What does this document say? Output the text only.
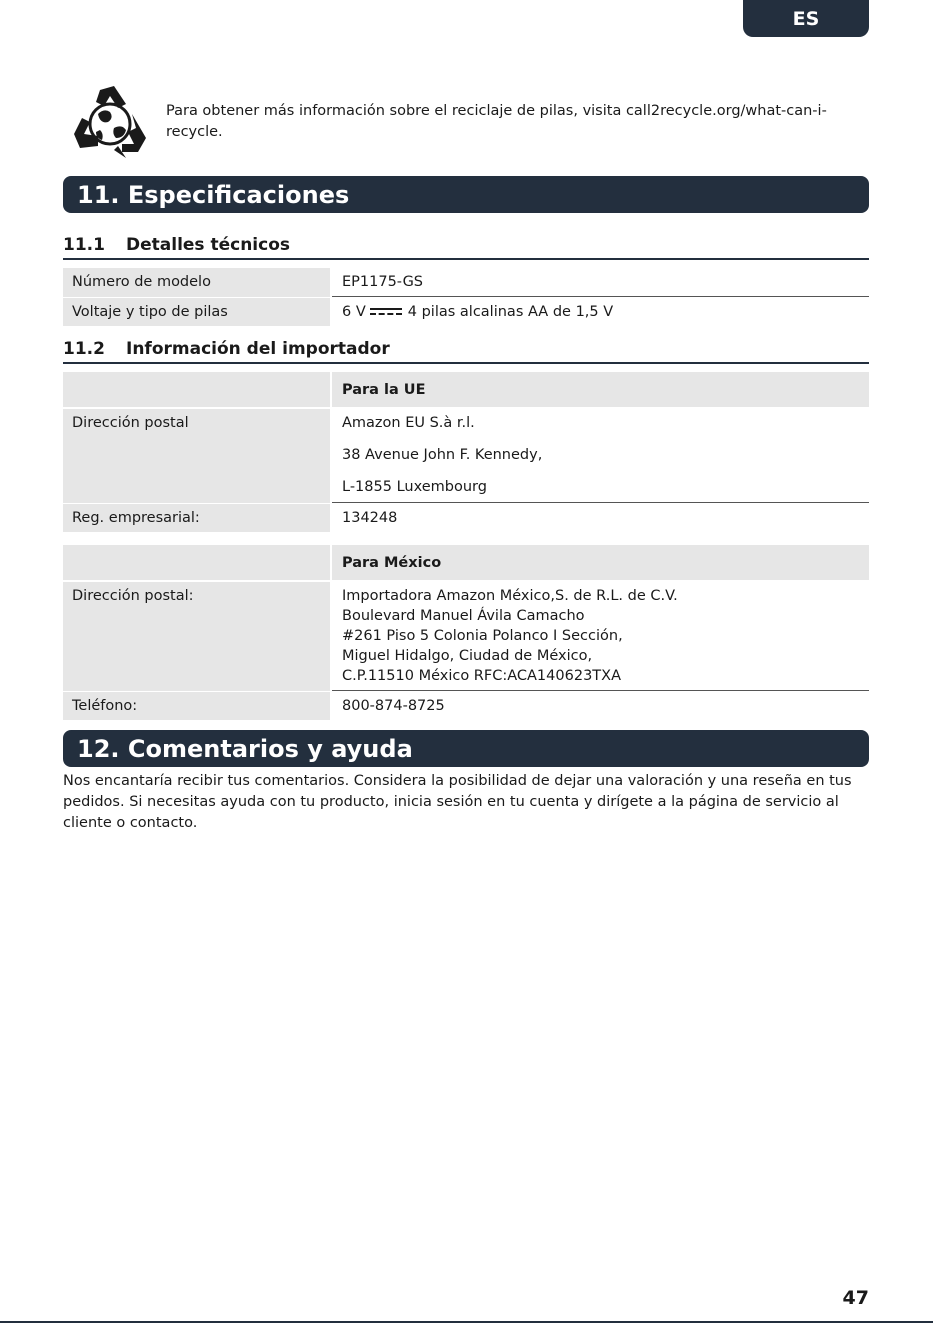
ES
Para obtener más información sobre el reciclaje de pilas, visita call2recycle.org/what-can-i-recycle.
11. Especificaciones
11.1 Detalles técnicos
Número de modelo	EP1175-GS
Voltaje y tipo de pilas	6 V	4 pilas alcalinas AA de 1,5 V
11.2 Información del importador
Para la UE
Dirección postal	Amazon EU S.à r.l.
38 Avenue John F. Kennedy,
L-1855 Luxembourg
Reg. empresarial:	134248
Para México
Dirección postal:	Importadora Amazon México,S. de R.L. de C.V.
Boulevard Manuel Ávila Camacho
#261 Piso 5 Colonia Polanco I Sección,
Miguel Hidalgo, Ciudad de México,
C.P.11510 México RFC:ACA140623TXA
Teléfono:	800-874-8725
12. Comentarios y ayuda
Nos encantaría recibir tus comentarios. Considera la posibilidad de dejar una valoración y una reseña en tus pedidos. Si necesitas ayuda con tu producto, inicia sesión en tu cuenta y dirígete a la página de servicio al cliente o contacto.
47
